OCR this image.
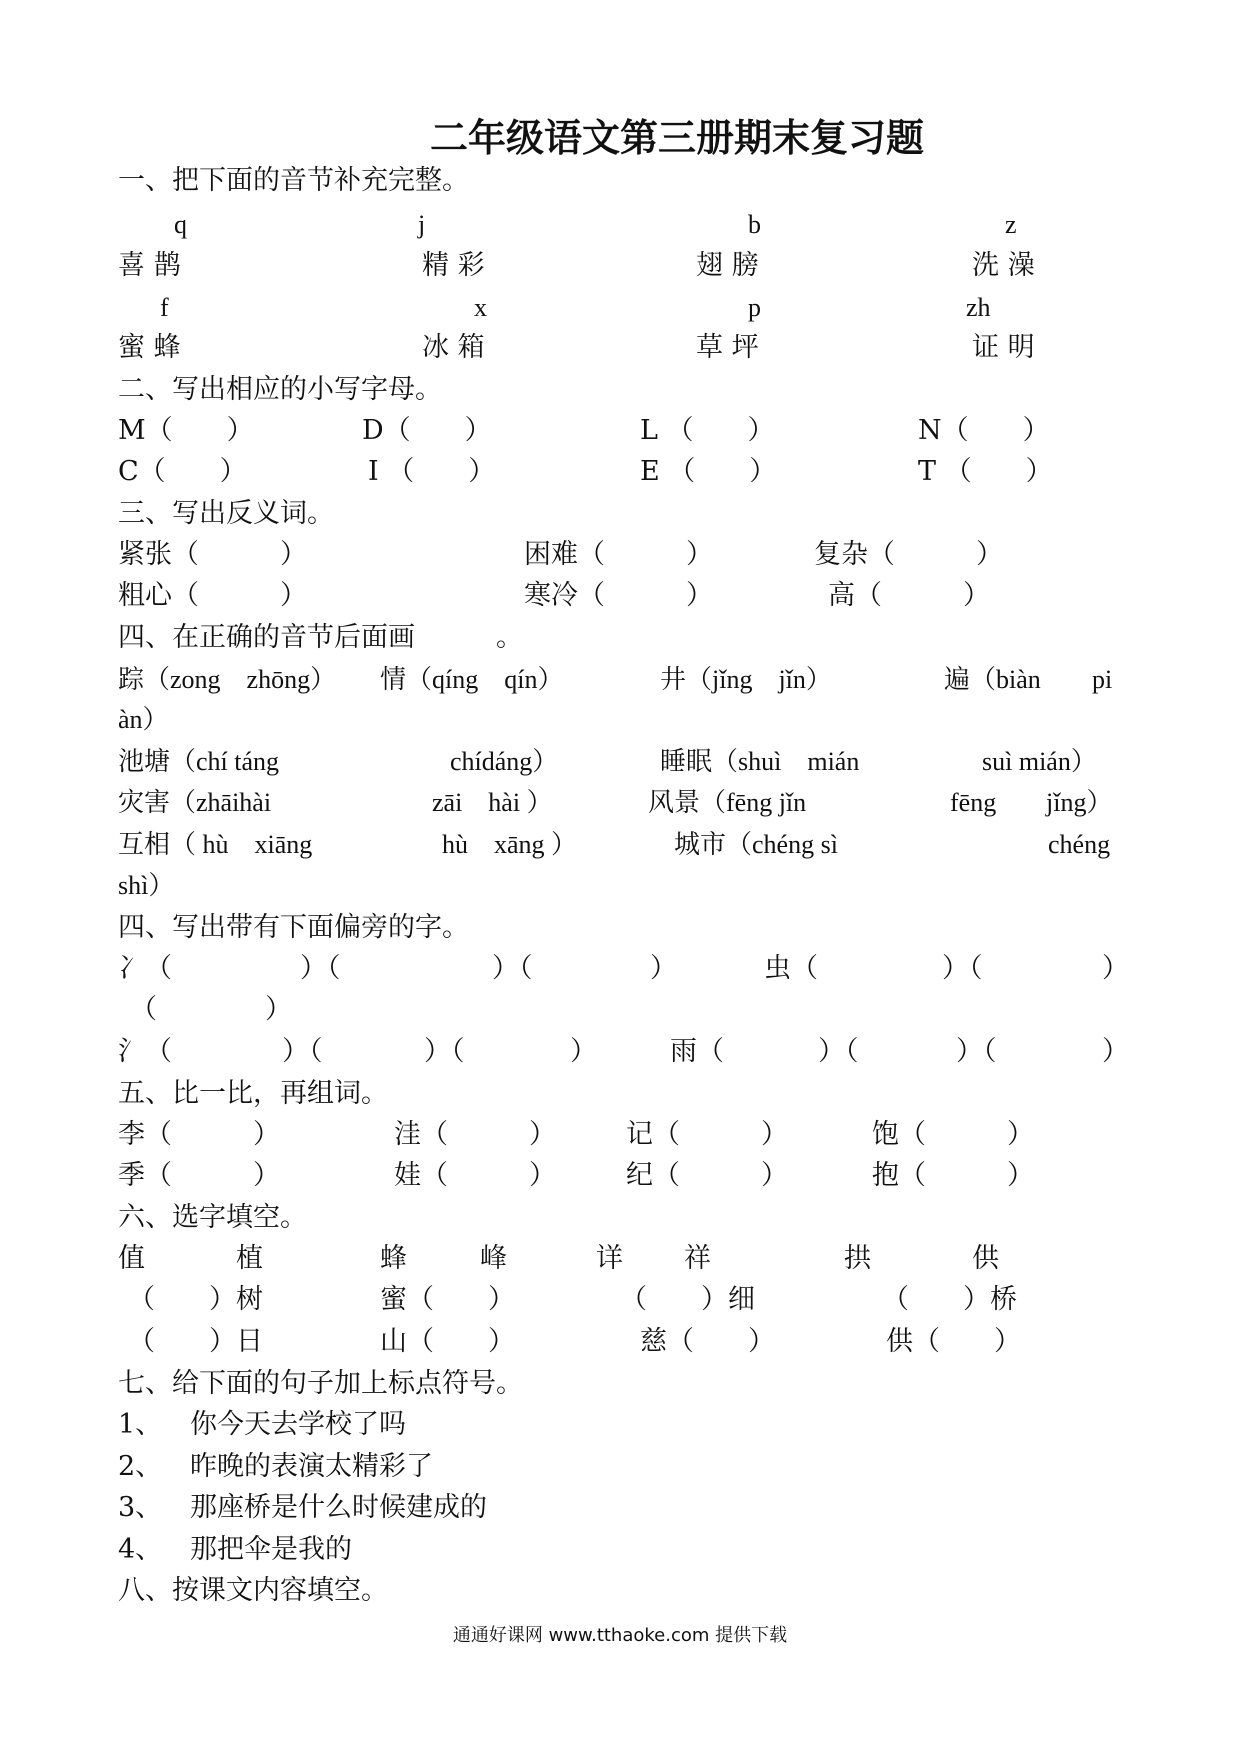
二年级语文第三册期末复习题
一、把下面的音节补充完整。
q	j	b	z
喜 鹊	精 彩	翅 膀	洗 澡
f	x	p	zh
蜜 蜂	冰 箱	草 坪	证 明
二、写出相应的小写字母。
M（　　）	D（　　）	L （　　）	N（　　）
C（　　）	I （　　）	E （　　）	T （　　）
三、写出反义词。
紧张（　　　）	困难（　　　）	复杂（　　　）
粗心（　　　）	寒冷（　　　）	高（　　　）
四、在正确的音节后面画　　　。
踪（zong　zhōng） 情（qíng　qín）	井（jǐng　jǐn）	遍（biàn pi
àn）
池塘（chí táng	chídáng）	睡眠（shuì　mián	suì mián）
灾害（zhāihài	zāi　hài ）	风景（fēng jǐn	fēng jǐng）
互相（ hù　xiāng	hù　xāng ）	城市（chéng sì	chéng
shì）
四、写出带有下面偏旁的字。
冫（	）（	）（	）	虫（	）（	）
（　　　　）
氵（	）（	）（	）	雨（	）（	）（	）
五、比一比，再组词。
李（　　　）	洼（　　　）	记（　　　）	饱（　　　）
季（　　　）	娃（　　　）	纪（　　　）	抱（　　　）
六、选字填空。
值	植	蜂	峰	详 祥	拱	供
（　　）树	蜜（　　）	（　　）细	（　　）桥
（　　）日	山（　　）	慈（　　）	供（　　）
七、给下面的句子加上标点符号。
1、 你今天去学校了吗
2、 昨晚的表演太精彩了
3、 那座桥是什么时候建成的
4、 那把伞是我的
八、按课文内容填空。
通通好课网 www.tthaoke.com 提供下载
